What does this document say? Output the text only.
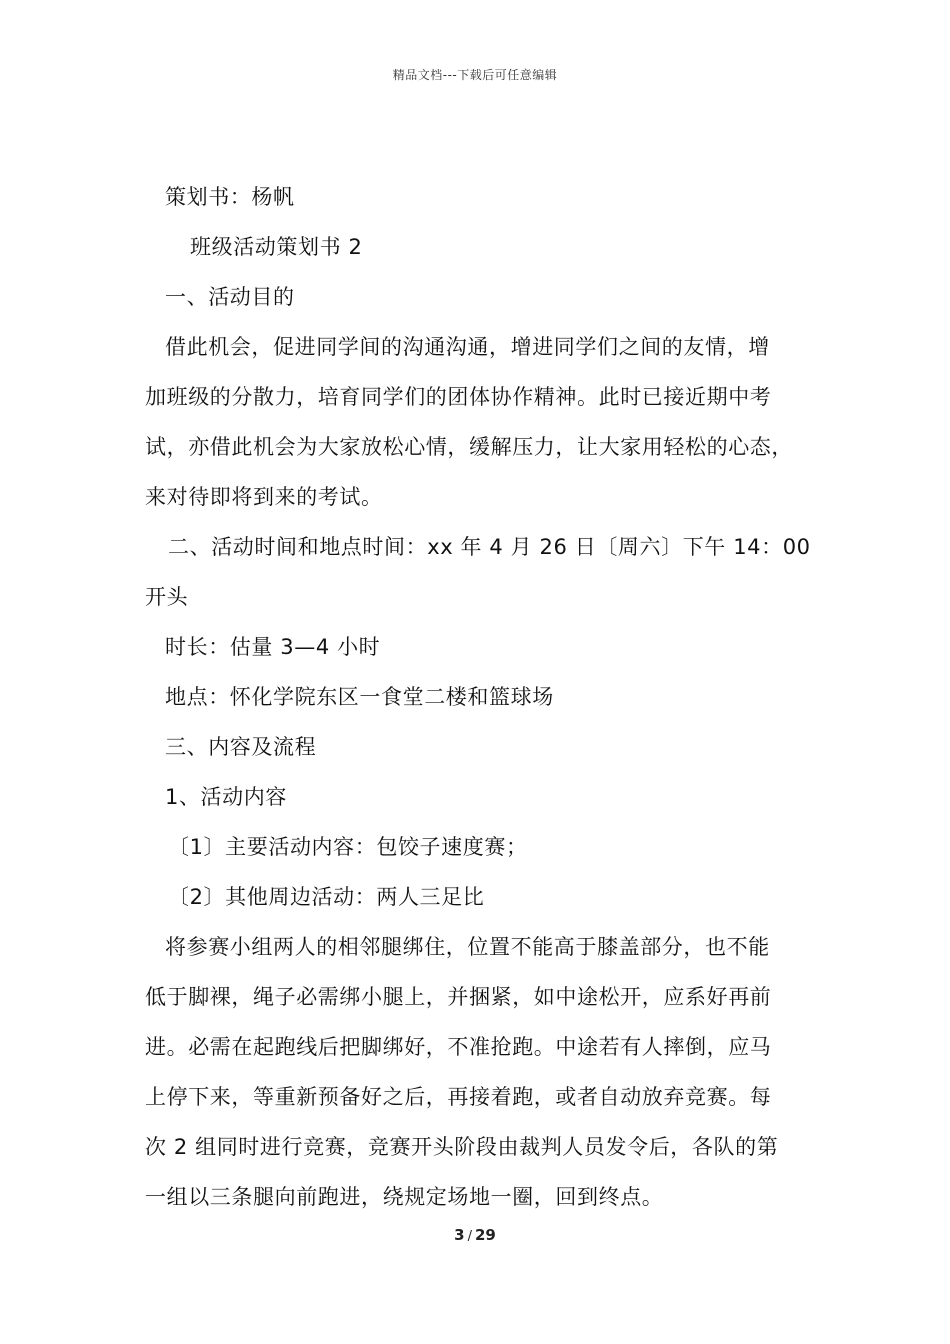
精品文档---下载后可任意编辑
策划书：杨帆
班级活动策划书 2
一、活动目的
借此机会，促进同学间的沟通沟通，增进同学们之间的友情，增
加班级的分散力，培育同学们的团体协作精神。此时已接近期中考
试，亦借此机会为大家放松心情，缓解压力，让大家用轻松的心态，
来对待即将到来的考试。
二、活动时间和地点时间：xx 年 4 月 26 日〔周六〕下午 14：00
开头
时长：估量 3—4 小时
地点：怀化学院东区一食堂二楼和篮球场
三、内容及流程
1、活动内容
〔1〕主要活动内容：包饺子速度赛；
〔2〕其他周边活动：两人三足比
将参赛小组两人的相邻腿绑住，位置不能高于膝盖部分，也不能
低于脚裸，绳子必需绑小腿上，并捆紧，如中途松开，应系好再前
进。必需在起跑线后把脚绑好，不准抢跑。中途若有人摔倒，应马
上停下来，等重新预备好之后，再接着跑，或者自动放弃竞赛。每
次 2 组同时进行竞赛，竞赛开头阶段由裁判人员发令后，各队的第
一组以三条腿向前跑进，绕规定场地一圈，回到终点。
3 / 29
